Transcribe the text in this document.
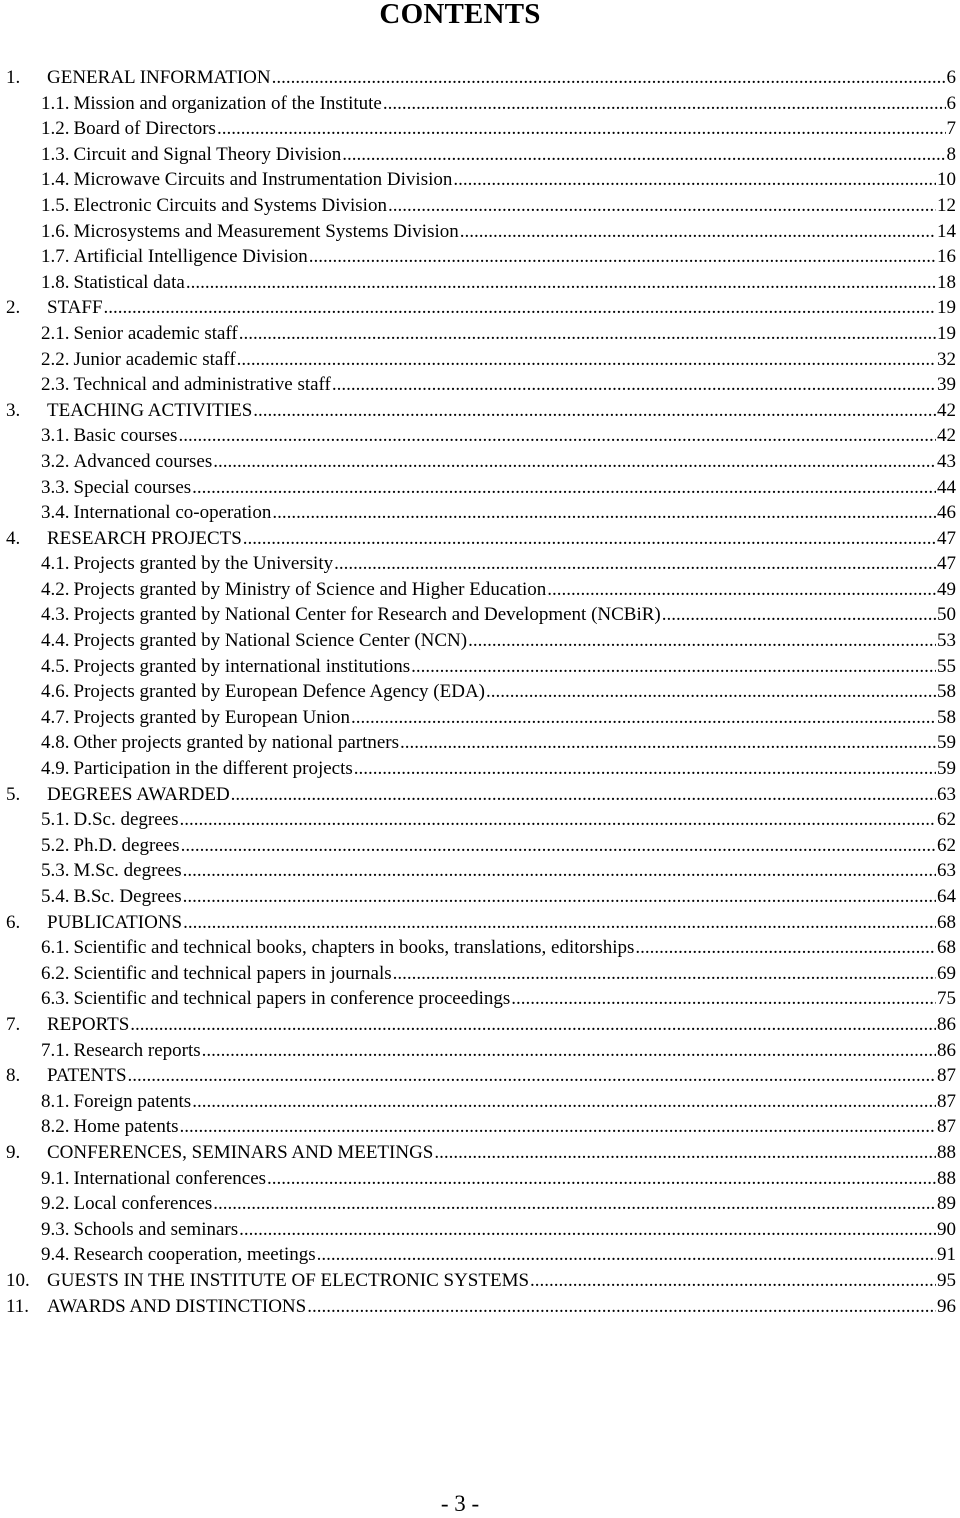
CONTENTS
1.	GENERAL INFORMATION .....	6
1.1. Mission and organization of the Institute .....	6
1.2. Board of Directors .....	7
1.3. Circuit and Signal Theory Division .....	8
1.4. Microwave Circuits and Instrumentation Division .....	10
1.5. Electronic Circuits and Systems Division .....	12
1.6. Microsystems and Measurement Systems Division .....	14
1.7. Artificial Intelligence Division .....	16
1.8. Statistical data .....	18
2.	STAFF .....	19
2.1. Senior academic staff .....	19
2.2. Junior academic staff .....	32
2.3. Technical and administrative staff .....	39
3.	TEACHING ACTIVITIES .....	42
3.1. Basic courses .....	42
3.2. Advanced courses .....	43
3.3. Special courses .....	44
3.4. International co-operation .....	46
4.	RESEARCH PROJECTS .....	47
4.1. Projects granted by the University .....	47
4.2. Projects granted by Ministry of Science and Higher Education .....	49
4.3. Projects granted by National Center for Research and Development (NCBiR) .....	50
4.4. Projects granted by National Science Center (NCN) .....	53
4.5. Projects granted by international institutions .....	55
4.6. Projects granted by European Defence Agency (EDA) .....	58
4.7. Projects granted by European Union .....	58
4.8. Other projects granted by national partners .....	59
4.9. Participation in the different projects .....	59
5.	DEGREES AWARDED .....	63
5.1. D.Sc. degrees .....	62
5.2. Ph.D. degrees .....	62
5.3. M.Sc. degrees .....	63
5.4. B.Sc. Degrees .....	64
6.	PUBLICATIONS .....	68
6.1. Scientific and technical books, chapters in books, translations, editorships .....	68
6.2. Scientific and technical papers in journals .....	69
6.3. Scientific and technical papers in conference proceedings .....	75
7.	REPORTS .....	86
7.1. Research reports .....	86
8.	PATENTS .....	87
8.1. Foreign patents .....	87
8.2. Home patents .....	87
9.	CONFERENCES, SEMINARS AND MEETINGS .....	88
9.1. International conferences .....	88
9.2. Local conferences .....	89
9.3. Schools and seminars .....	90
9.4. Research cooperation, meetings .....	91
10. GUESTS IN THE INSTITUTE OF ELECTRONIC SYSTEMS .....	95
11. AWARDS AND DISTINCTIONS .....	96
- 3 -
